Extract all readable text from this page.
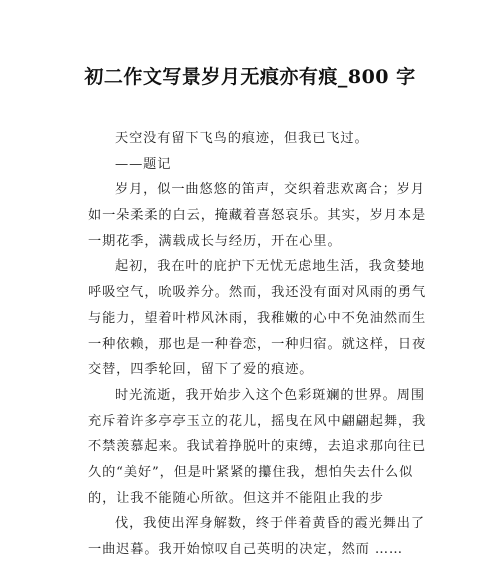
初二作文写景岁月无痕亦有痕_800 字
天空没有留下飞鸟的痕迹，但我已飞过。
——题记
岁月，似一曲悠悠的笛声，交织着悲欢离合；岁月
如一朵柔柔的白云，掩藏着喜怒哀乐。其实，岁月本是
一期花季，满载成长与经历，开在心里。
起初，我在叶的庇护下无忧无虑地生活，我贪婪地
呼吸空气，吮吸养分。然而，我还没有面对风雨的勇气
与能力，望着叶栉风沐雨，我稚嫩的心中不免油然而生
一种依赖，那也是一种眷恋，一种归宿。就这样，日夜
交替，四季轮回，留下了爱的痕迹。
时光流逝，我开始步入这个色彩斑斓的世界。周围
充斥着许多亭亭玉立的花儿，摇曳在风中翩翩起舞，我
不禁羡慕起来。我试着挣脱叶的束缚，去追求那向往已
久的“美好”，但是叶紧紧的攥住我，想怕失去什么似
的，让我不能随心所欲。但这并不能阻止我的步
伐，我使出浑身解数，终于伴着黄昏的霞光舞出了
一曲迟暮。我开始惊叹自己英明的决定，然而 ……
